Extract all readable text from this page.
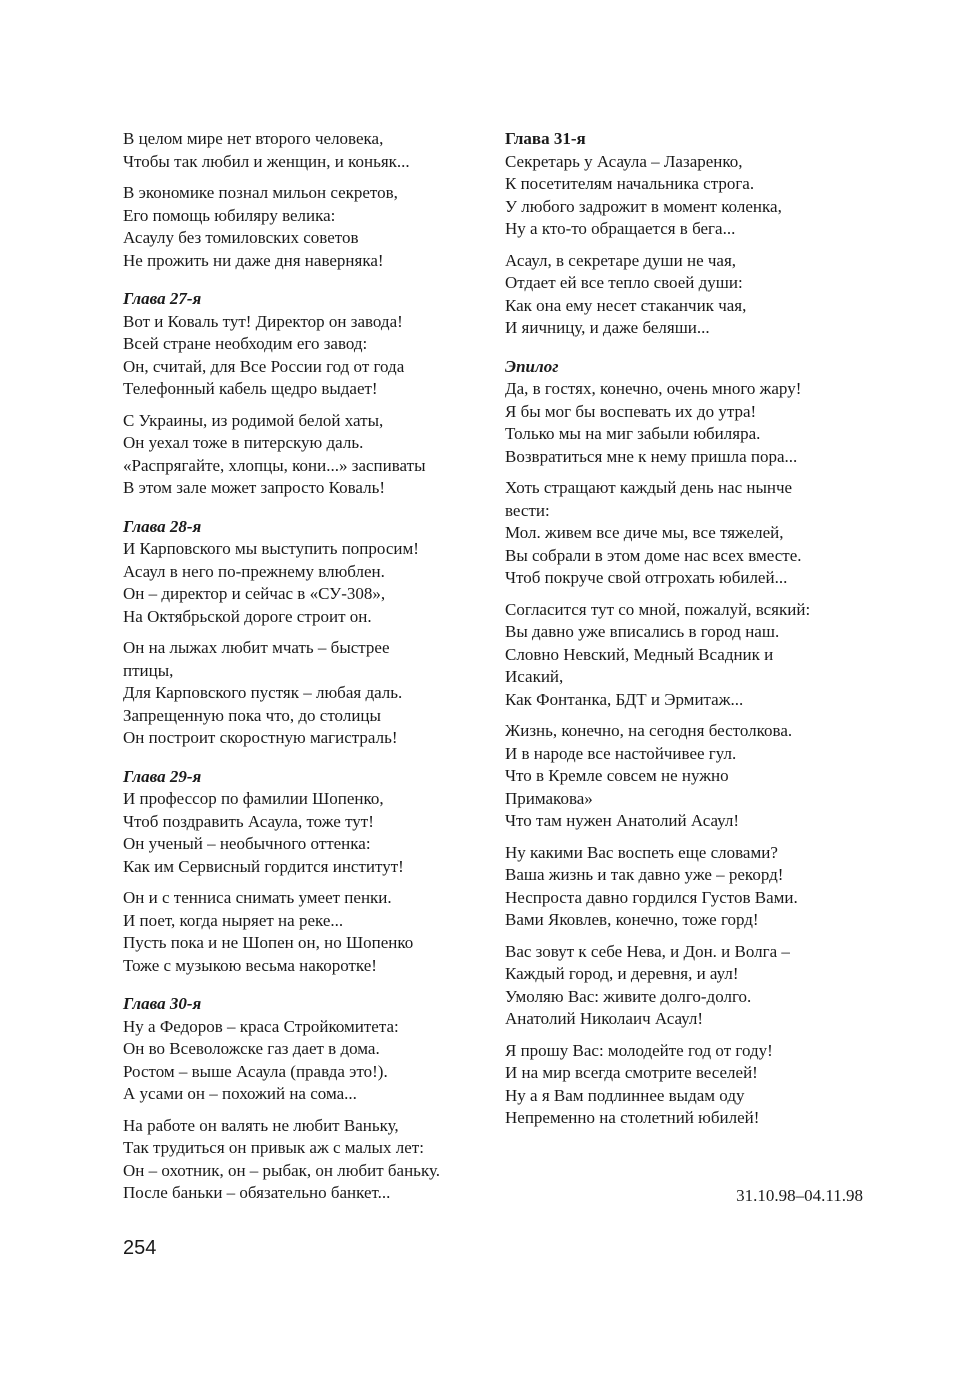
В целом мире нет второго человека,
Чтобы так любил и женщин, и коньяк...
В экономике познал мильон секретов,
Его помощь юбиляру велика:
Асаулу без томиловских советов
Не прожить ни даже дня наверняка!
Глава 27-я
Вот и Коваль тут! Директор он завода!
Всей стране необходим его завод:
Он, считай, для Все России год от года
Телефонный кабель щедро выдает!
С Украины, из родимой белой хаты,
Он уехал тоже в питерскую даль.
«Распрягайте, хлопцы, кони...» заспиваты
В этом зале может запросто Коваль!
Глава 28-я
И Карповского мы выступить попросим!
Асаул в него по-прежнему влюблен.
Он – директор и сейчас в «СУ-308»,
На Октябрьской дороге строит он.
Он на лыжах любит мчать – быстрее
птицы,
Для Карповского пустяк – любая даль.
Запрещенную пока что, до столицы
Он построит скоростную магистраль!
Глава 29-я
И профессор по фамилии Шопенко,
Чтоб поздравить Асаула, тоже тут!
Он ученый – необычного оттенка:
Как им Сервисный гордится институт!
Он и с тенниса снимать умеет пенки.
И поет, когда ныряет на реке...
Пусть пока и не Шопен он, но Шопенко
Тоже с музыкою весьма накоротке!
Глава 30-я
Ну а Федоров – краса Стройкомитета:
Он во Всеволожске газ дает в дома.
Ростом – выше Асаула (правда это!).
А усами он – похожий на сома...
На работе он валять не любит Ваньку,
Так трудиться он привык аж с малых лет:
Он – охотник, он – рыбак, он любит баньку.
После баньки – обязательно банкет...
Глава 31-я
Секретарь у Асаула – Лазаренко,
К посетителям начальника строга.
У любого задрожит в момент коленка,
Ну а кто-то обращается в бега...
Асаул, в секретаре души не чая,
Отдает ей все тепло своей души:
Как она ему несет стаканчик чая,
И яичницу, и даже беляши...
Эпилог
Да, в гостях, конечно, очень много жару!
Я бы мог бы воспевать их до утра!
Только мы на миг забыли юбиляра.
Возвратиться мне к нему пришла пора...
Хоть стращают каждый день нас нынче
вести:
Мол. живем все диче мы, все тяжелей,
Вы собрали в этом доме нас всех вместе.
Чтоб покруче свой отгрохать юбилей...
Согласится тут со мной, пожалуй, всякий:
Вы давно уже вписались в город наш.
Словно Невский, Медный Всадник и
Исакий,
Как Фонтанка, БДТ и Эрмитаж...
Жизнь, конечно, на сегодня бестолкова.
И в народе все настойчивее гул.
Что в Кремле совсем не нужно
Примакова»
Что там нужен Анатолий Асаул!
Ну какими Вас воспеть еще словами?
Ваша жизнь и так давно уже – рекорд!
Неспроста давно гордился Густов Вами.
Вами Яковлев, конечно, тоже горд!
Вас зовут к себе Нева, и Дон. и Волга –
Каждый город, и деревня, и аул!
Умоляю Вас: живите долго-долго.
Анатолий Николаич Асаул!
Я прошу Вас: молодейте год от году!
И на мир всегда смотрите веселей!
Ну а я Вам подлиннее выдам оду
Непременно на столетний юбилей!
31.10.98–04.11.98
254
